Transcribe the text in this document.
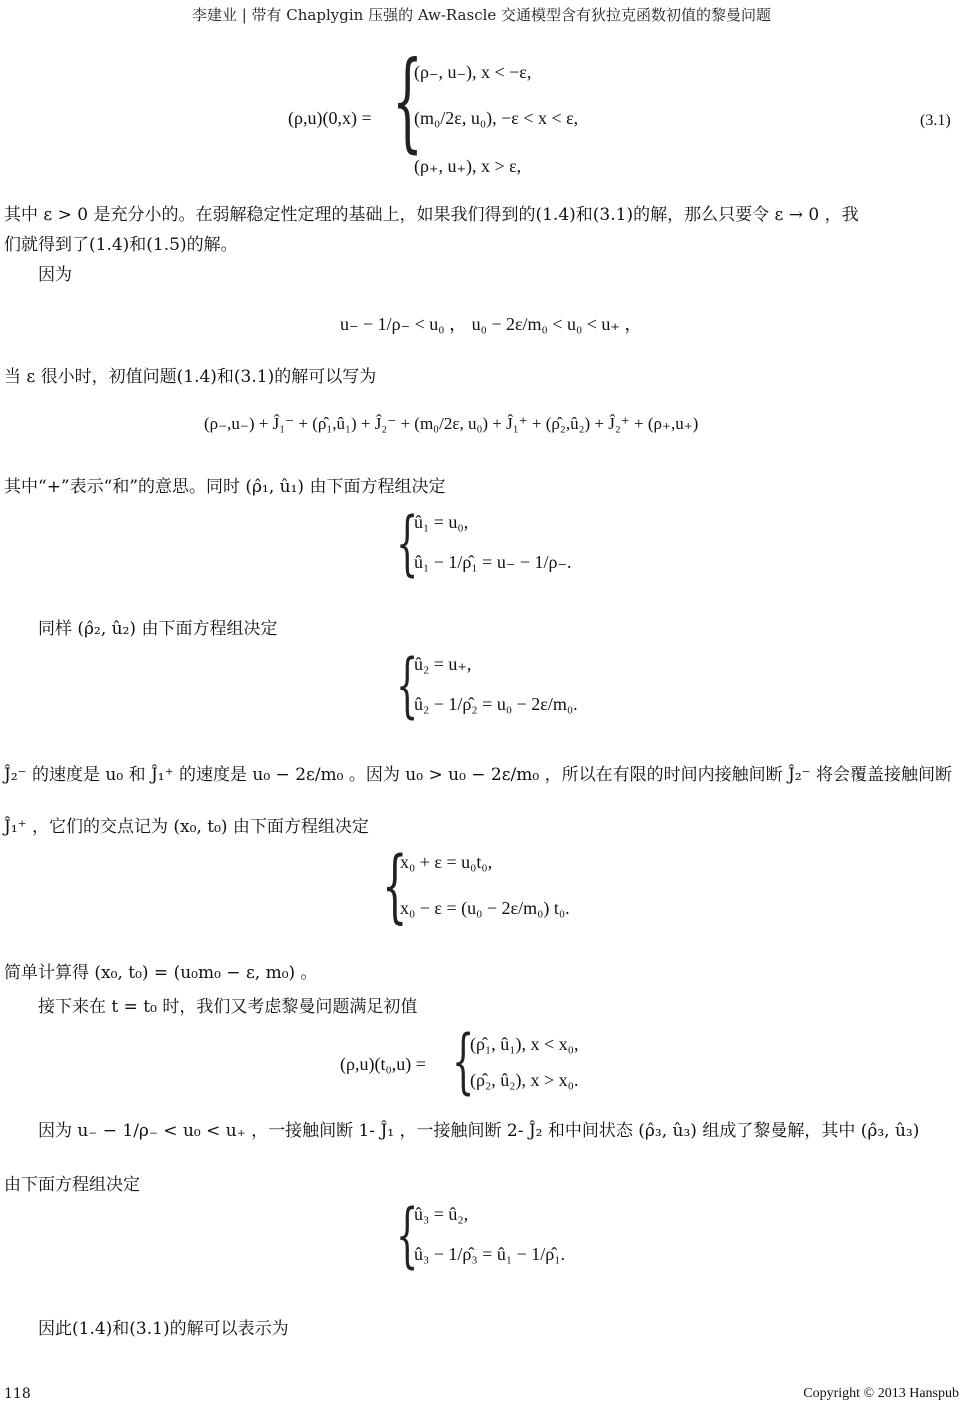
李建业 | 带有 Chaplygin 压强的 Aw-Rascle 交通模型含有狄拉克函数初值的黎曼问题
(ρ,u)(0,x) = {
(ρ₋, u₋), x < −ε,
(m₀/2ε, u₀), −ε < x < ε,
(ρ₊, u₊), x > ε,
(3.1)
其中 ε > 0 是充分小的。在弱解稳定性定理的基础上，如果我们得到的(1.4)和(3.1)的解，那么只要令 ε → 0 ，我
们就得到了(1.4)和(1.5)的解。
因为
u₋ − 1/ρ₋ < u₀ ， u₀ − 2ε/m₀ < u₀ < u₊ ，
当 ε 很小时，初值问题(1.4)和(3.1)的解可以写为
(ρ₋,u₋) + Ĵ₁⁻ + (ρ̂₁,û₁) + Ĵ₂⁻ + (m₀/2ε, u₀) + Ĵ₁⁺ + (ρ̂₂,û₂) + Ĵ₂⁺ + (ρ₊,u₊)
其中“+”表示“和”的意思。同时 (ρ̂₁, û₁) 由下面方程组决定
{
û₁ = u₀,
û₁ − 1/ρ̂₁ = u₋ − 1/ρ₋.
同样 (ρ̂₂, û₂) 由下面方程组决定
{
û₂ = u₊,
û₂ − 1/ρ̂₂ = u₀ − 2ε/m₀.
Ĵ₂⁻ 的速度是 u₀ 和 Ĵ₁⁺ 的速度是 u₀ − 2ε/m₀ 。因为 u₀ > u₀ − 2ε/m₀ ，所以在有限的时间内接触间断 Ĵ₂⁻ 将会覆盖接触间断
Ĵ₁⁺ ，它们的交点记为 (x₀, t₀) 由下面方程组决定
{
x₀ + ε = u₀t₀,
x₀ − ε = (u₀ − 2ε/m₀) t₀.
简单计算得 (x₀, t₀) = (u₀m₀ − ε, m₀) 。
接下来在 t = t₀ 时，我们又考虑黎曼问题满足初值
(ρ,u)(t₀,u) = {
(ρ̂₁, û₁), x < x₀,
(ρ̂₂, û₂), x > x₀.
因为 u₋ − 1/ρ₋ < u₀ < u₊ ，一接触间断 1- Ĵ₁ ，一接触间断 2- Ĵ₂ 和中间状态 (ρ̂₃, û₃) 组成了黎曼解，其中 (ρ̂₃, û₃)
由下面方程组决定
{
û₃ = û₂,
û₃ − 1/ρ̂₃ = û₁ − 1/ρ̂₁.
因此(1.4)和(3.1)的解可以表示为
118	Copyright © 2013 Hanspub
